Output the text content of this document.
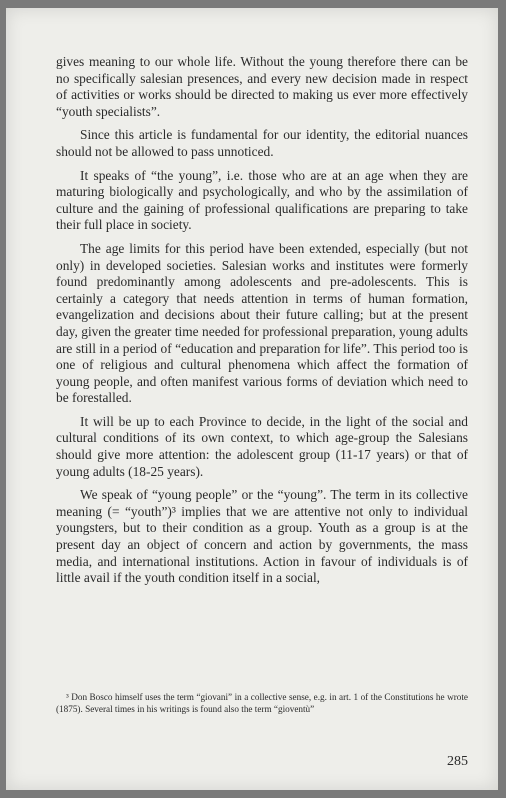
gives meaning to our whole life. Without the young therefore there can be no specifically salesian presences, and every new decision made in respect of activities or works should be directed to making us ever more effectively “youth specialists”.

Since this article is fundamental for our identity, the editorial nuances should not be allowed to pass unnoticed.

It speaks of “the young”, i.e. those who are at an age when they are maturing biologically and psychologically, and who by the assimilation of culture and the gaining of professional qualifications are preparing to take their full place in society.

The age limits for this period have been extended, especially (but not only) in developed societies. Salesian works and institutes were formerly found predominantly among adolescents and pre-adolescents. This is certainly a category that needs attention in terms of human formation, evangelization and decisions about their future calling; but at the present day, given the greater time needed for professional preparation, young adults are still in a period of “education and preparation for life”. This period too is one of religious and cultural phenomena which affect the formation of young people, and often manifest various forms of deviation which need to be forestalled.

It will be up to each Province to decide, in the light of the social and cultural conditions of its own context, to which age-group the Salesians should give more attention: the adolescent group (11-17 years) or that of young adults (18-25 years).

We speak of “young people” or the “young”. The term in its collective meaning (= “youth”)³ implies that we are attentive not only to individual youngsters, but to their condition as a group. Youth as a group is at the present day an object of concern and action by governments, the mass media, and international institutions. Action in favour of individuals is of little avail if the youth condition itself in a social,

³ Don Bosco himself uses the term “giovani” in a collective sense, e.g. in art. 1 of the Constitutions he wrote (1875). Several times in his writings is found also the term “gioventù”

285
